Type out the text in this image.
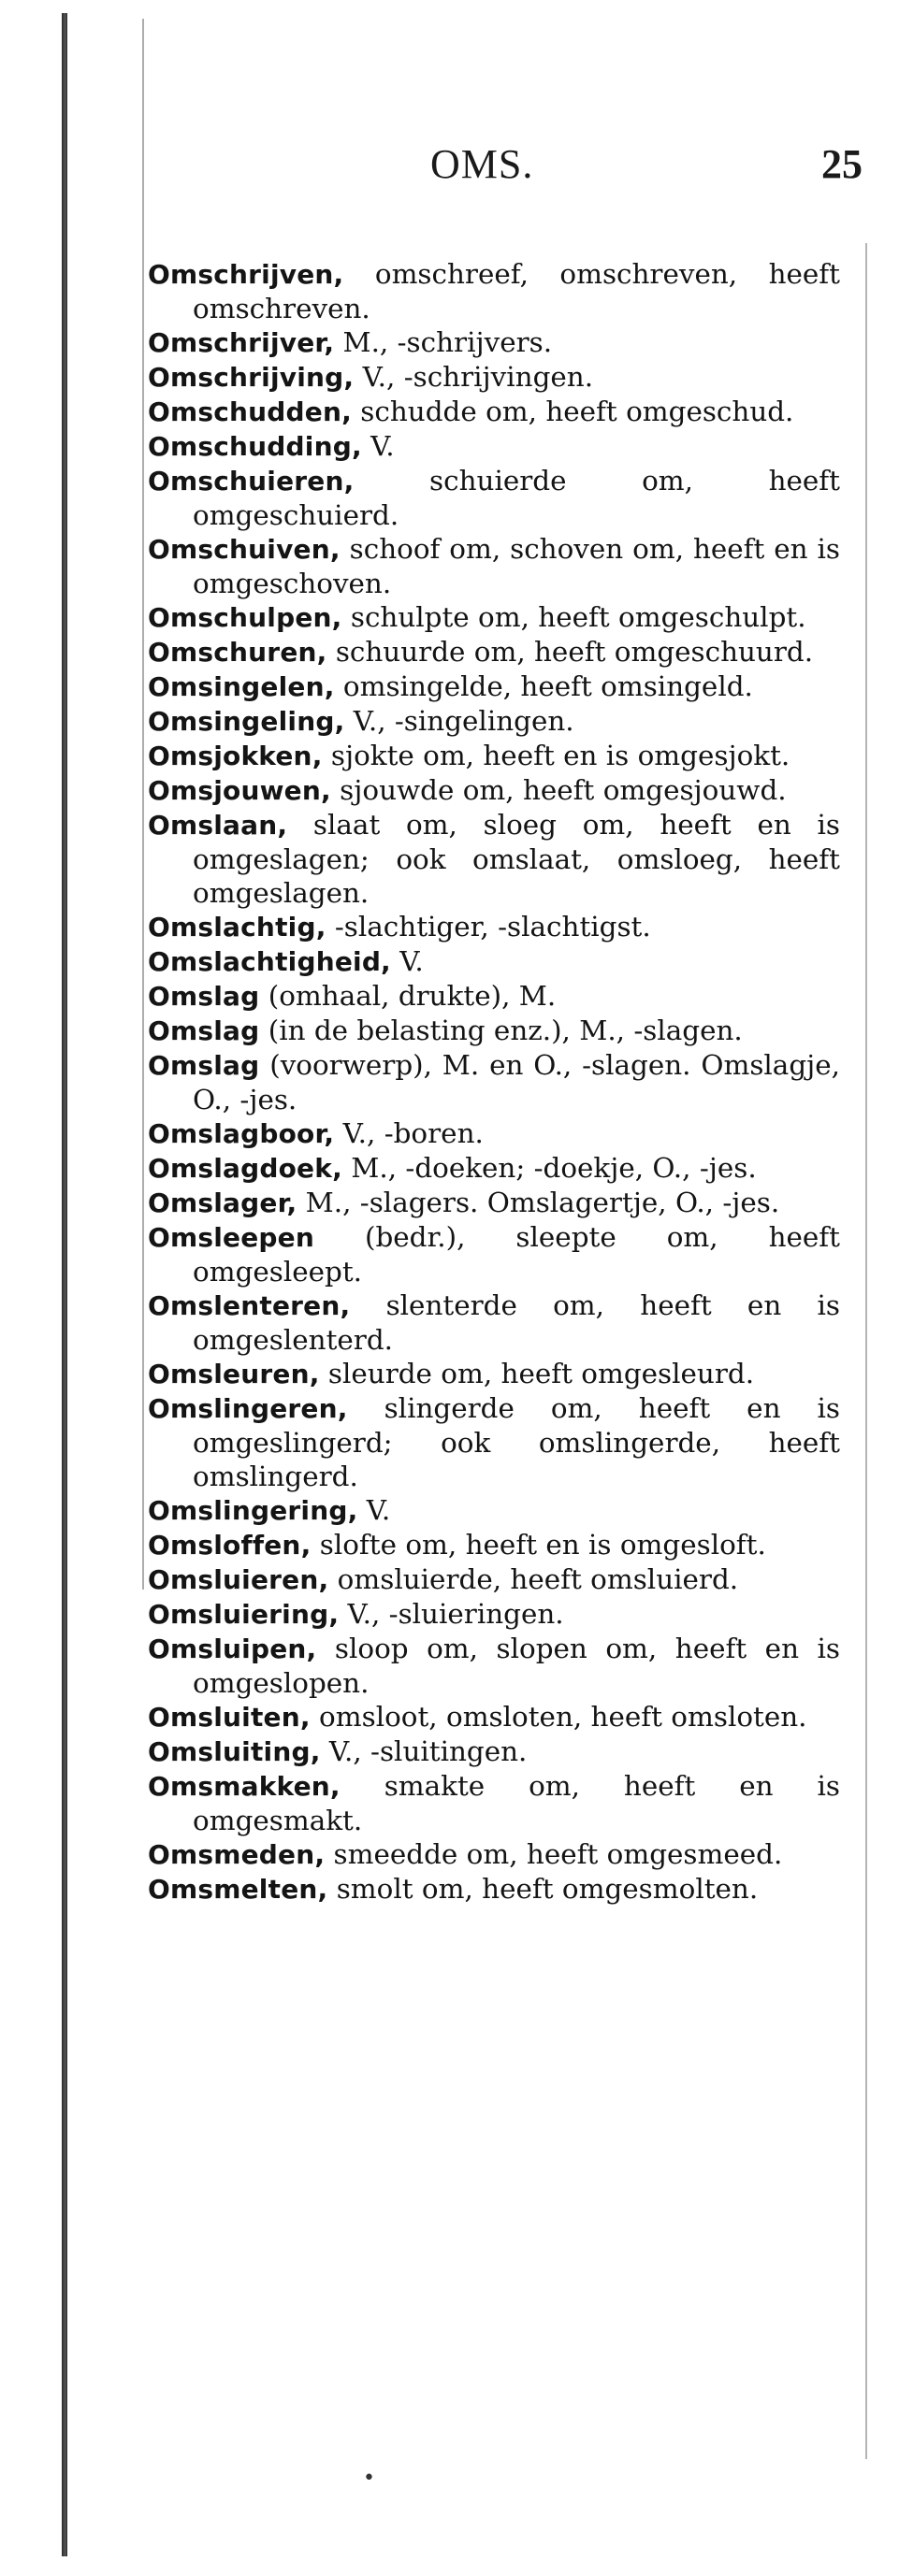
OMS.	25
Omschrijven, omschreef, omschreven, heeft omschreven.
Omschrijver, M., -schrijvers.
Omschrijving, V., -schrijvingen.
Omschudden, schudde om, heeft omgeschud.
Omschudding, V.
Omschuieren, schuierde om, heeft omgeschuierd.
Omschuiven, schoof om, schoven om, heeft en is omgeschoven.
Omschulpen, schulpte om, heeft omgeschulpt.
Omschuren, schuurde om, heeft omgeschuurd.
Omsingelen, omsingelde, heeft omsingeld.
Omsingeling, V., -singelingen.
Omsjokken, sjokte om, heeft en is omgesjokt.
Omsjouwen, sjouwde om, heeft omgesjouwd.
Omslaan, slaat om, sloeg om, heeft en is omgeslagen; ook omslaat, omsloeg, heeft omgeslagen.
Omslachtig, -slachtiger, -slachtigst.
Omslachtigheid, V.
Omslag (omhaal, drukte), M.
Omslag (in de belasting enz.), M., -slagen.
Omslag (voorwerp), M. en O., -slagen. Omslagje, O., -jes.
Omslagboor, V., -boren.
Omslagdoek, M., -doeken; -doekje, O., -jes.
Omslager, M., -slagers. Omslagertje, O., -jes.
Omsleepen (bedr.), sleepte om, heeft omgesleept.
Omslenteren, slenterde om, heeft en is omgeslenterd.
Omsleuren, sleurde om, heeft omgesleurd.
Omslingeren, slingerde om, heeft en is omgeslingerd; ook omslingerde, heeft omslingerd.
Omslingering, V.
Omsloffen, slofte om, heeft en is omgesloft.
Omsluieren, omsluierde, heeft omsluierd.
Omsluiering, V., -sluieringen.
Omsluipen, sloop om, slopen om, heeft en is omgeslopen.
Omsluiten, omsloot, omsloten, heeft omsloten.
Omsluiting, V., -sluitingen.
Omsmakken, smakte om, heeft en is omgesmakt.
Omsmeden, smeedde om, heeft omgesmeed.
Omsmelten, smolt om, heeft omgesmolten.
•
